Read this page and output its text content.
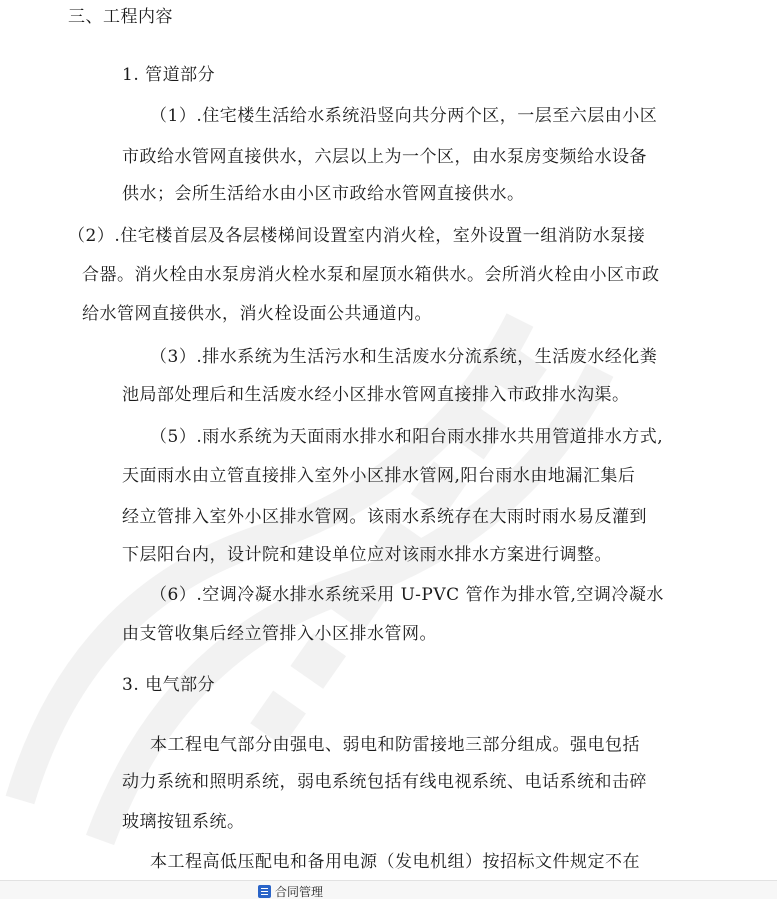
三、工程内容
1. 管道部分
（1）.住宅楼生活给水系统沿竖向共分两个区，一层至六层由小区
市政给水管网直接供水，六层以上为一个区，由水泵房变频给水设备
供水；会所生活给水由小区市政给水管网直接供水。
（2）.住宅楼首层及各层楼梯间设置室内消火栓，室外设置一组消防水泵接
合器。消火栓由水泵房消火栓水泵和屋顶水箱供水。会所消火栓由小区市政
给水管网直接供水，消火栓设面公共通道内。
（3）.排水系统为生活污水和生活废水分流系统，生活废水经化粪
池局部处理后和生活废水经小区排水管网直接排入市政排水沟渠。
（5）.雨水系统为天面雨水排水和阳台雨水排水共用管道排水方式,
天面雨水由立管直接排入室外小区排水管网,阳台雨水由地漏汇集后
经立管排入室外小区排水管网。该雨水系统存在大雨时雨水易反灌到
下层阳台内，设计院和建设单位应对该雨水排水方案进行调整。
（6）.空调冷凝水排水系统采用 U-PVC 管作为排水管,空调冷凝水
由支管收集后经立管排入小区排水管网。
3. 电气部分
本工程电气部分由强电、弱电和防雷接地三部分组成。强电包括
动力系统和照明系统，弱电系统包括有线电视系统、电话系统和击碎
玻璃按钮系统。
本工程高低压配电和备用电源（发电机组）按招标文件规定不在
合同管理
